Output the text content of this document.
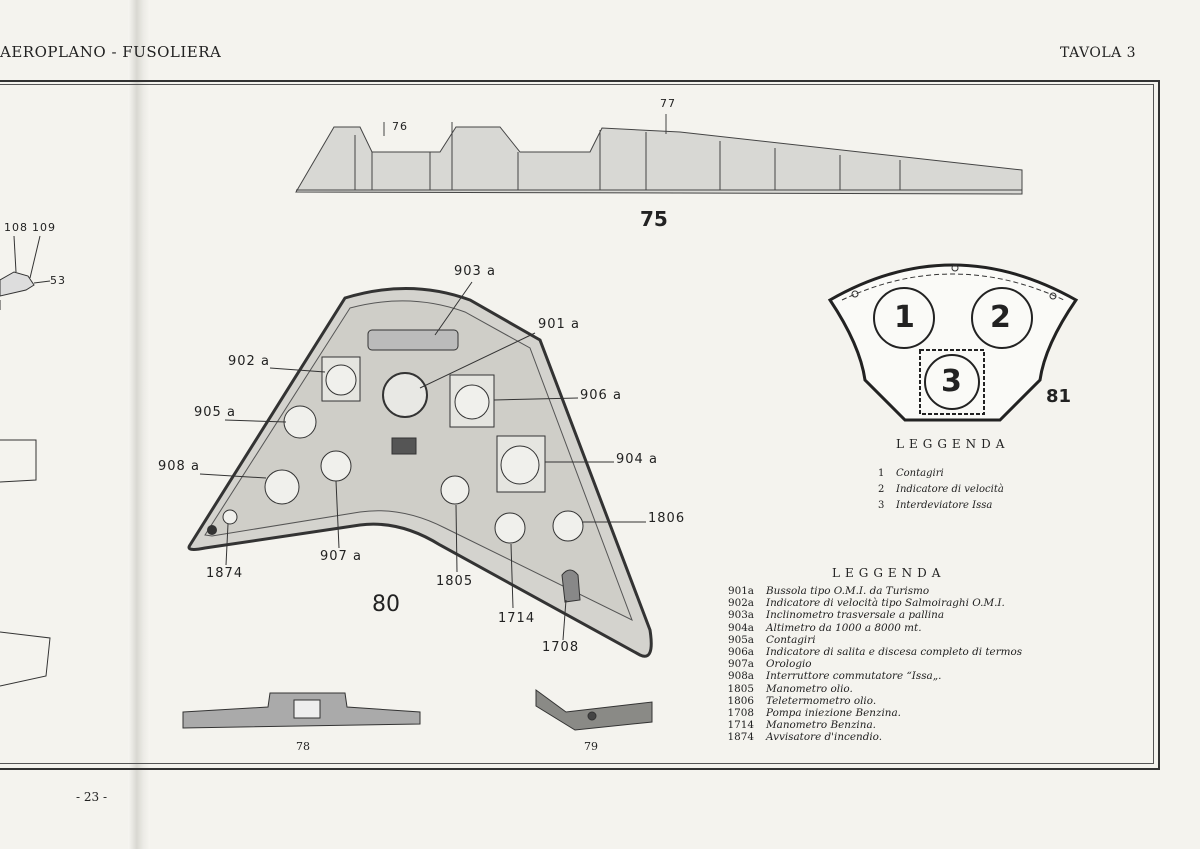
AEROPLANO - FUSOLIERA	TAVOLA 3
108 109
53
76
77
75
903 a
901 a
902 a
906 a
905 a
904 a
908 a
1806
1874
907 a
1805
1714
1708
80
1	2
3	81
78	79
LEGGENDA
1 Contagiri
2 Indicatore di velocità
3 Interdeviatore Issa
LEGGENDA
901a	Bussola tipo O.M.I. da Turismo
902a	Indicatore di velocità tipo Salmoiraghi O.M.I.
903a	Inclinometro trasversale a pallina
904a	Altimetro da 1000 a 8000 mt.
905a	Contagiri
906a	Indicatore di salita e discesa completo di termos
907a	Orologio
908a	Interruttore commutatore “Issa„.
1805	Manometro olio.
1806	Teletermometro olio.
1708	Pompa iniezione Benzina.
1714	Manometro Benzina.
1874	Avvisatore d'incendio.
- 23 -
